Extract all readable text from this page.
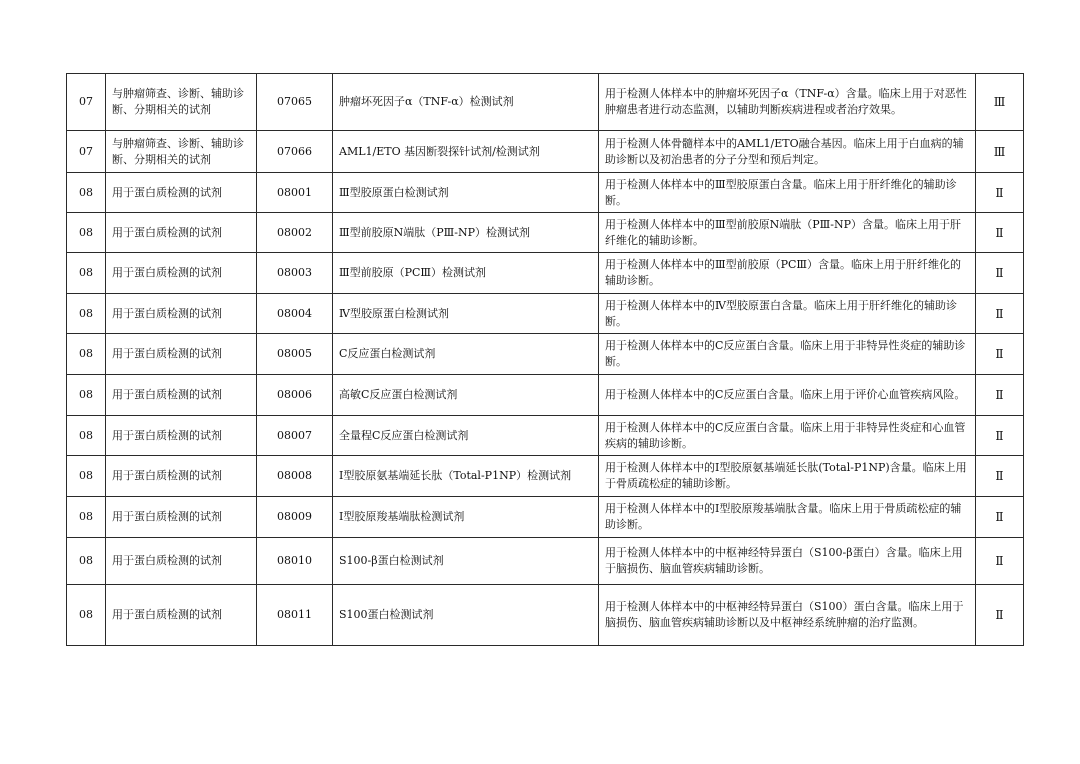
07	与肿瘤筛查、诊断、辅助诊断、分期相关的试剂	07065	肿瘤坏死因子α（TNF-α）检测试剂	用于检测人体样本中的肿瘤坏死因子α（TNF-α）含量。临床上用于对恶性肿瘤患者进行动态监测，以辅助判断疾病进程或者治疗效果。	Ⅲ
07	与肿瘤筛查、诊断、辅助诊断、分期相关的试剂	07066	AML1/ETO 基因断裂探针试剂/检测试剂	用于检测人体骨髓样本中的AML1/ETO融合基因。临床上用于白血病的辅助诊断以及初治患者的分子分型和预后判定。	Ⅲ
08	用于蛋白质检测的试剂	08001	Ⅲ型胶原蛋白检测试剂	用于检测人体样本中的Ⅲ型胶原蛋白含量。临床上用于肝纤维化的辅助诊断。	Ⅱ
08	用于蛋白质检测的试剂	08002	Ⅲ型前胶原N端肽（PⅢ-NP）检测试剂	用于检测人体样本中的Ⅲ型前胶原N端肽（PⅢ-NP）含量。临床上用于肝纤维化的辅助诊断。	Ⅱ
08	用于蛋白质检测的试剂	08003	Ⅲ型前胶原（PCⅢ）检测试剂	用于检测人体样本中的Ⅲ型前胶原（PCⅢ）含量。临床上用于肝纤维化的辅助诊断。	Ⅱ
08	用于蛋白质检测的试剂	08004	Ⅳ型胶原蛋白检测试剂	用于检测人体样本中的Ⅳ型胶原蛋白含量。临床上用于肝纤维化的辅助诊断。	Ⅱ
08	用于蛋白质检测的试剂	08005	C反应蛋白检测试剂	用于检测人体样本中的C反应蛋白含量。临床上用于非特异性炎症的辅助诊断。	Ⅱ
08	用于蛋白质检测的试剂	08006	高敏C反应蛋白检测试剂	用于检测人体样本中的C反应蛋白含量。临床上用于评价心血管疾病风险。	Ⅱ
08	用于蛋白质检测的试剂	08007	全量程C反应蛋白检测试剂	用于检测人体样本中的C反应蛋白含量。临床上用于非特异性炎症和心血管疾病的辅助诊断。	Ⅱ
08	用于蛋白质检测的试剂	08008	Ⅰ型胶原氨基端延长肽（Total-P1NP）检测试剂	用于检测人体样本中的Ⅰ型胶原氨基端延长肽(Total-P1NP)含量。临床上用于骨质疏松症的辅助诊断。	Ⅱ
08	用于蛋白质检测的试剂	08009	Ⅰ型胶原羧基端肽检测试剂	用于检测人体样本中的Ⅰ型胶原羧基端肽含量。临床上用于骨质疏松症的辅助诊断。	Ⅱ
08	用于蛋白质检测的试剂	08010	S100-β蛋白检测试剂	用于检测人体样本中的中枢神经特异蛋白（S100-β蛋白）含量。临床上用于脑损伤、脑血管疾病辅助诊断。	Ⅱ
08	用于蛋白质检测的试剂	08011	S100蛋白检测试剂	用于检测人体样本中的中枢神经特异蛋白（S100）蛋白含量。临床上用于脑损伤、脑血管疾病辅助诊断以及中枢神经系统肿瘤的治疗监测。	Ⅱ
